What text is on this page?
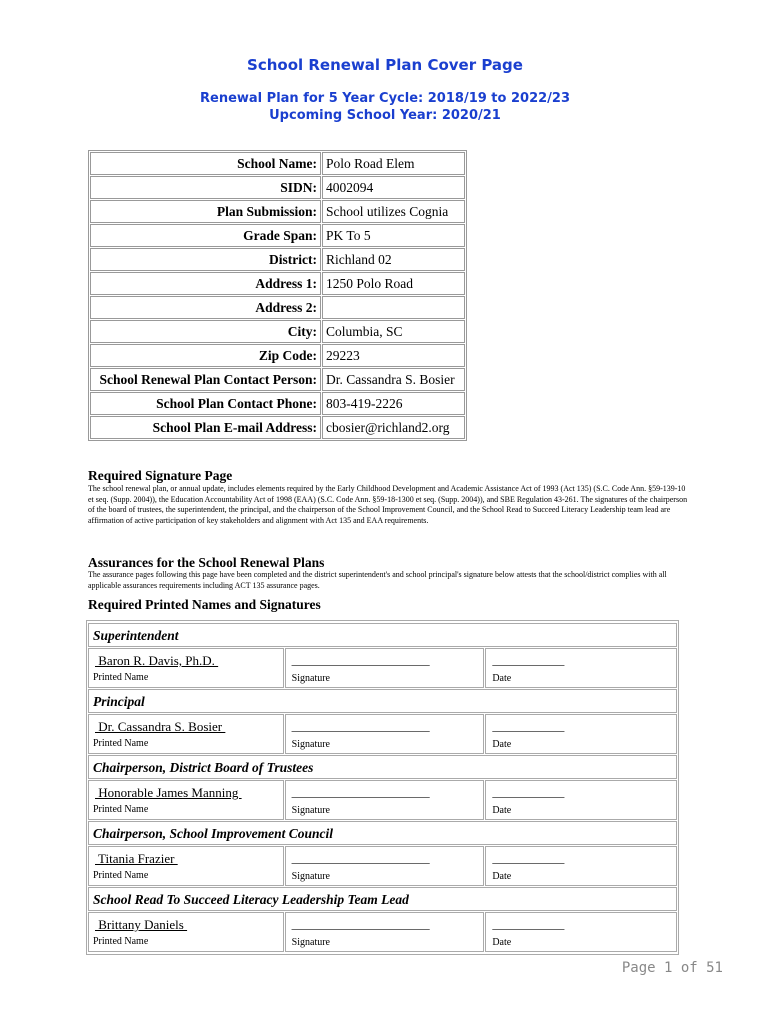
School Renewal Plan Cover Page
Renewal Plan for 5 Year Cycle: 2018/19 to 2022/23
Upcoming School Year: 2020/21
School Name:	Polo Road Elem
SIDN:	4002094
Plan Submission:	School utilizes Cognia
Grade Span:	PK To 5
District:	Richland 02
Address 1:	1250 Polo Road
Address 2:	
City:	Columbia, SC
Zip Code:	29223
School Renewal Plan Contact Person:	Dr. Cassandra S. Bosier
School Plan Contact Phone:	803-419-2226
School Plan E-mail Address:	cbosier@richland2.org
Required Signature Page
The school renewal plan, or annual update, includes elements required by the Early Childhood Development and Academic Assistance Act of 1993 (Act 135) (S.C. Code Ann. §59-139-10 et seq. (Supp. 2004)), the Education Accountability Act of 1998 (EAA) (S.C. Code Ann. §59-18-1300 et seq. (Supp. 2004)), and SBE Regulation 43-261. The signatures of the chairperson of the board of trustees, the superintendent, the principal, and the chairperson of the School Improvement Council, and the School Read to Succeed Literacy Leadership team lead are affirmation of active participation of key stakeholders and alignment with Act 135 and EAA requirements.
Assurances for the School Renewal Plans
The assurance pages following this page have been completed and the district superintendent's and school principal's signature below attests that the school/district complies with all applicable assurances requirements including ACT 135 assurance pages.
Required Printed Names and Signatures
Superintendent
Baron R. Davis, Ph.D.
Printed Name
_______________________
Signature
____________
Date
Principal
Dr. Cassandra S. Bosier
Printed Name
_______________________
Signature
____________
Date
Chairperson, District Board of Trustees
Honorable James Manning
Printed Name
_______________________
Signature
____________
Date
Chairperson, School Improvement Council
Titania Frazier
Printed Name
_______________________
Signature
____________
Date
School Read To Succeed Literacy Leadership Team Lead
Brittany Daniels
Printed Name
_______________________
Signature
____________
Date
Page 1 of 51
